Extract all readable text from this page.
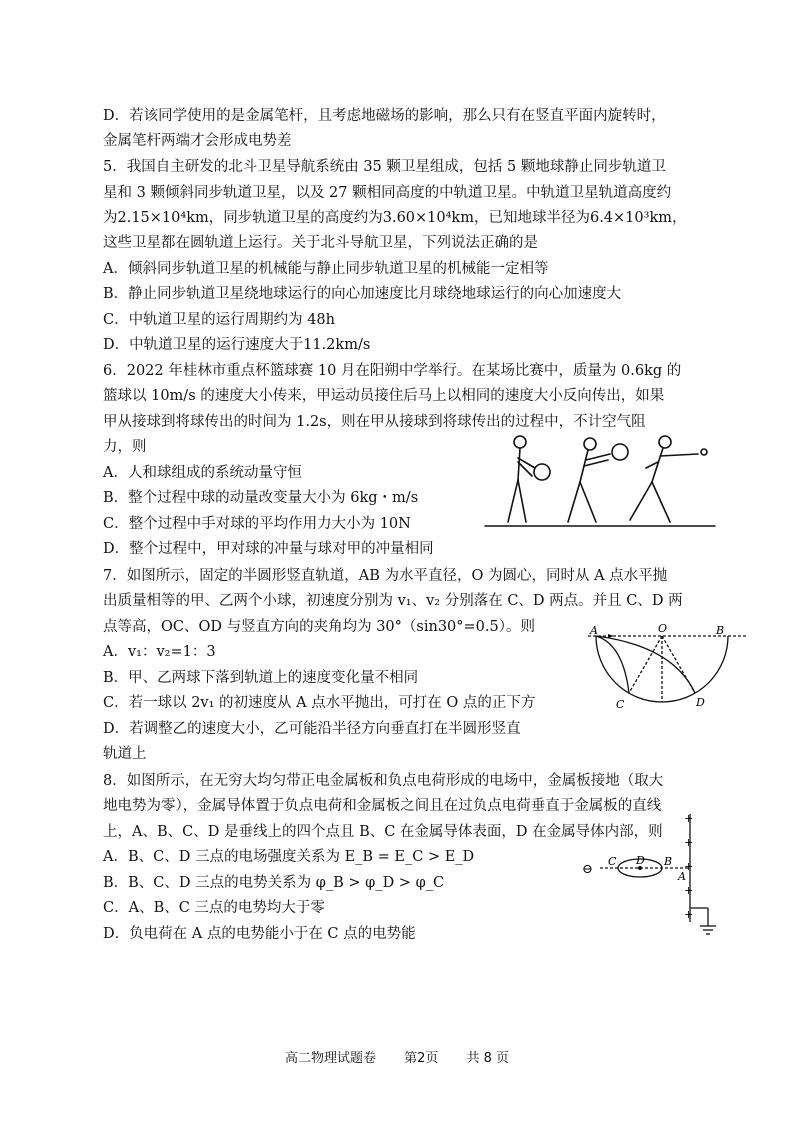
D．若该同学使用的是金属笔杆，且考虑地磁场的影响，那么只有在竖直平面内旋转时，
金属笔杆两端才会形成电势差
5．我国自主研发的北斗卫星导航系统由 35 颗卫星组成，包括 5 颗地球静止同步轨道卫
星和 3 颗倾斜同步轨道卫星，以及 27 颗相同高度的中轨道卫星。中轨道卫星轨道高度约
为2.15×10⁴km，同步轨道卫星的高度约为3.60×10⁴km，已知地球半径为6.4×10³km，
这些卫星都在圆轨道上运行。关于北斗导航卫星，下列说法正确的是
A．倾斜同步轨道卫星的机械能与静止同步轨道卫星的机械能一定相等
B．静止同步轨道卫星绕地球运行的向心加速度比月球绕地球运行的向心加速度大
C．中轨道卫星的运行周期约为 48h
D．中轨道卫星的运行速度大于11.2km/s
6．2022 年桂林市重点杯篮球赛 10 月在阳朔中学举行。在某场比赛中，质量为 0.6kg 的
篮球以 10m/s 的速度大小传来，甲运动员接住后马上以相同的速度大小反向传出，如果
甲从接球到将球传出的时间为 1.2s，则在甲从接球到将球传出的过程中，不计空气阻
力，则
A．人和球组成的系统动量守恒
B．整个过程中球的动量改变量大小为 6kg・m/s
C．整个过程中手对球的平均作用力大小为 10N
D．整个过程中，甲对球的冲量与球对甲的冲量相同
7．如图所示，固定的半圆形竖直轨道，AB 为水平直径，O 为圆心，同时从 A 点水平抛
出质量相等的甲、乙两个小球，初速度分别为 v₁、v₂ 分别落在 C、D 两点。并且 C、D 两
点等高，OC、OD 与竖直方向的夹角均为 30°（sin30°=0.5）。则
A．v₁：v₂=1：3
B．甲、乙两球下落到轨道上的速度变化量不相同
C．若一球以 2v₁ 的初速度从 A 点水平抛出，可打在 O 点的正下方
D．若调整乙的速度大小，乙可能沿半径方向垂直打在半圆形竖直
轨道上
8．如图所示，在无穷大均匀带正电金属板和负点电荷形成的电场中，金属板接地（取大
地电势为零），金属导体置于负点电荷和金属板之间且在过负点电荷垂直于金属板的直线
上，A、B、C、D 是垂线上的四个点且 B、C 在金属导体表面，D 在金属导体内部，则
A．B、C、D 三点的电场强度关系为 E_B = E_C > E_D
B．B、C、D 三点的电势关系为 φ_B > φ_D > φ_C
C．A、B、C 三点的电势均大于零
D．负电荷在 A 点的电势能小于在 C 点的电势能
A	O	B
C	D
⊖
C D B
A
+
+
+
+
+
高二物理试题卷 第2页 共 8 页
